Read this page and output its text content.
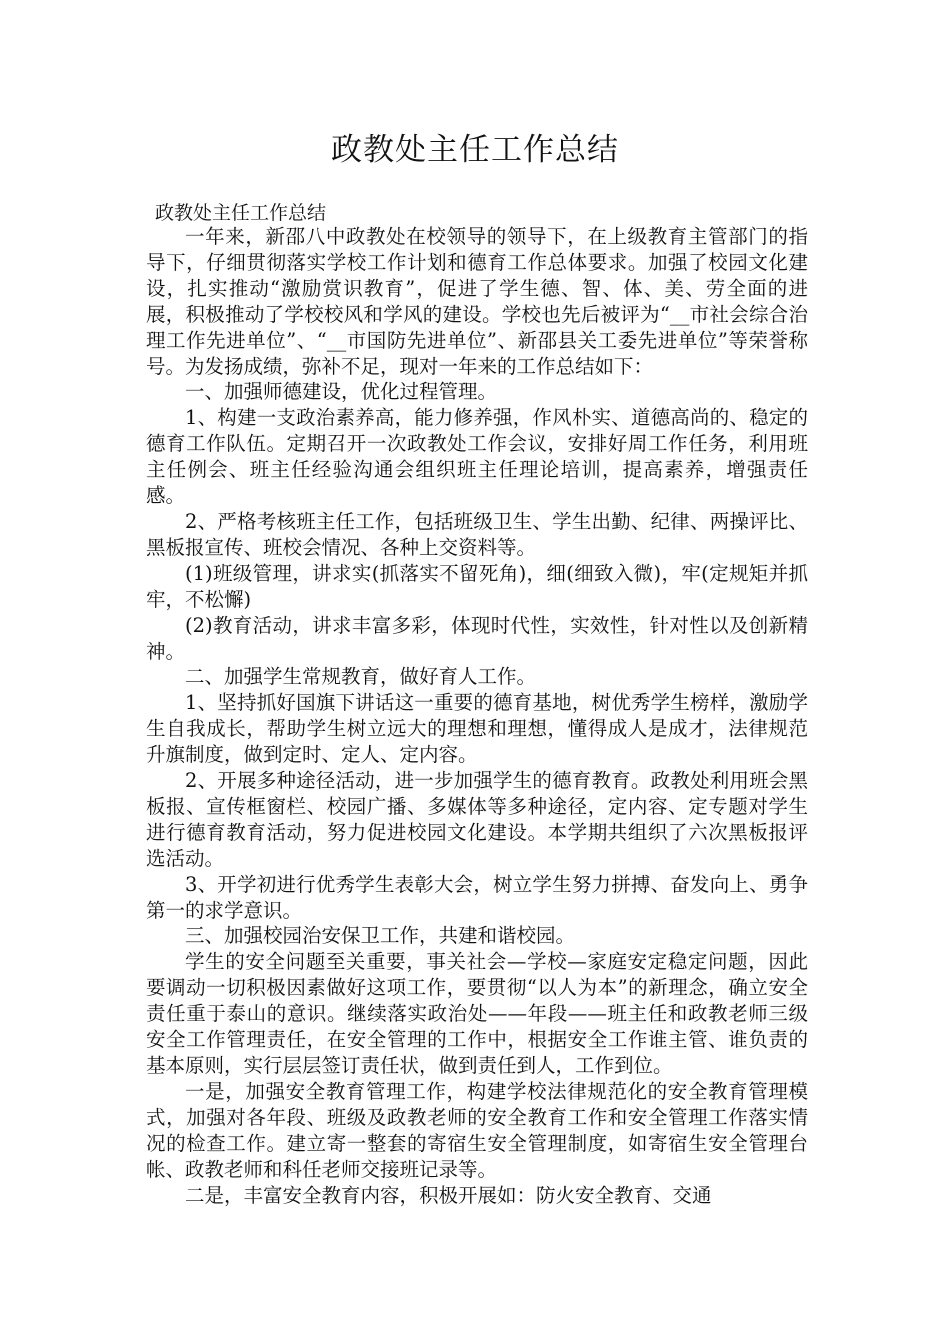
政教处主任工作总结
政教处主任工作总结

一年来，新邵八中政教处在校领导的领导下，在上级教育主管部门的指导下，仔细贯彻落实学校工作计划和德育工作总体要求。加强了校园文化建设，扎实推动“激励赏识教育”，促进了学生德、智、体、美、劳全面的进展，积极推动了学校校风和学风的建设。学校也先后被评为“__市社会综合治理工作先进单位”、“__市国防先进单位”、新邵县关工委先进单位”等荣誉称号。为发扬成绩，弥补不足，现对一年来的工作总结如下：

一、加强师德建设，优化过程管理。

1、构建一支政治素养高，能力修养强，作风朴实、道德高尚的、稳定的德育工作队伍。定期召开一次政教处工作会议，安排好周工作任务，利用班主任例会、班主任经验沟通会组织班主任理论培训，提高素养，增强责任感。

2、严格考核班主任工作，包括班级卫生、学生出勤、纪律、两操评比、黑板报宣传、班校会情况、各种上交资料等。

(1)班级管理，讲求实(抓落实不留死角)，细(细致入微)，牢(定规矩并抓牢，不松懈)

(2)教育活动，讲求丰富多彩，体现时代性，实效性，针对性以及创新精神。

二、加强学生常规教育，做好育人工作。

1、坚持抓好国旗下讲话这一重要的德育基地，树优秀学生榜样，激励学生自我成长，帮助学生树立远大的理想和理想，懂得成人是成才，法律规范升旗制度，做到定时、定人、定内容。

2、开展多种途径活动，进一步加强学生的德育教育。政教处利用班会黑板报、宣传框窗栏、校园广播、多媒体等多种途径，定内容、定专题对学生进行德育教育活动，努力促进校园文化建设。本学期共组织了六次黑板报评选活动。

3、开学初进行优秀学生表彰大会，树立学生努力拼搏、奋发向上、勇争第一的求学意识。

三、加强校园治安保卫工作，共建和谐校园。

学生的安全问题至关重要，事关社会—学校—家庭安定稳定问题，因此要调动一切积极因素做好这项工作，要贯彻“以人为本”的新理念，确立安全责任重于泰山的意识。继续落实政治处——年段——班主任和政教老师三级安全工作管理责任，在安全管理的工作中，根据安全工作谁主管、谁负责的基本原则，实行层层签订责任状，做到责任到人，工作到位。

一是，加强安全教育管理工作，构建学校法律规范化的安全教育管理模式，加强对各年段、班级及政教老师的安全教育工作和安全管理工作落实情况的检查工作。建立寄一整套的寄宿生安全管理制度，如寄宿生安全管理台帐、政教老师和科任老师交接班记录等。

二是，丰富安全教育内容，积极开展如：防火安全教育、交通
